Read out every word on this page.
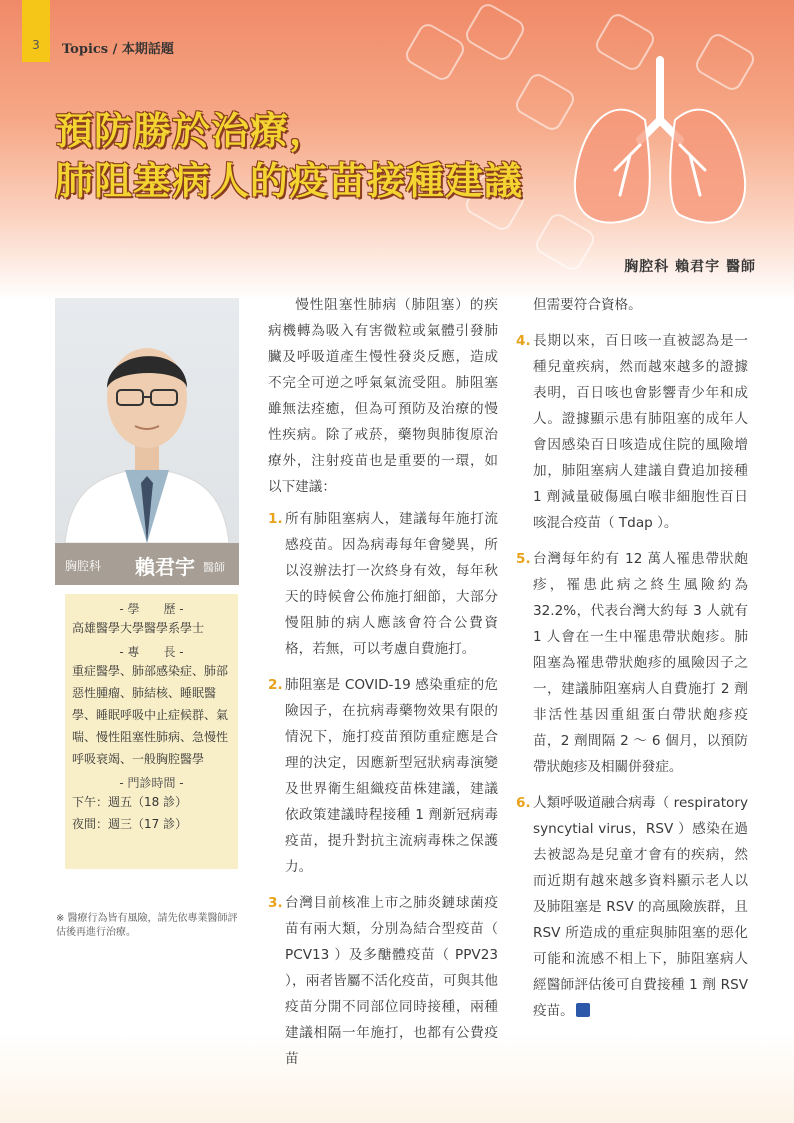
3	Topics / 本期話題
預防勝於治療，
肺阻塞病人的疫苗接種建議
胸腔科 賴君宇 醫師
胸腔科 賴君宇 醫師
- 學　　歷 -
高雄醫學大學醫學系學士
- 專　　長 -
重症醫學、肺部感染症、肺部惡性腫瘤、肺結核、睡眠醫學、睡眠呼吸中止症候群、氣喘、慢性阻塞性肺病、急慢性呼吸衰竭、一般胸腔醫學
- 門診時間 -
下午：週五（18 診）
夜間：週三（17 診）
※ 醫療行為皆有風險，請先依專業醫師評估後再進行治療。

慢性阻塞性肺病（肺阻塞）的疾病機轉為吸入有害微粒或氣體引發肺臟及呼吸道產生慢性發炎反應，造成不完全可逆之呼氣氣流受阻。肺阻塞雖無法痊癒，但為可預防及治療的慢性疾病。除了戒菸，藥物與肺復原治療外，注射疫苗也是重要的一環，如以下建議：

1. 所有肺阻塞病人，建議每年施打流感疫苗。因為病毒每年會變異，所以沒辦法打一次終身有效，每年秋天的時候會公佈施打細節，大部分慢阻肺的病人應該會符合公費資格，若無，可以考慮自費施打。

2. 肺阻塞是 COVID-19 感染重症的危險因子，在抗病毒藥物效果有限的情況下，施打疫苗預防重症應是合理的決定，因應新型冠狀病毒演變及世界衛生組織疫苗株建議，建議依政策建議時程接種 1 劑新冠病毒疫苗，提升對抗主流病毒株之保護力。

3. 台灣目前核准上市之肺炎鏈球菌疫苗有兩大類，分別為結合型疫苗（ PCV13 ）及多醣體疫苗（ PPV23 ），兩者皆屬不活化疫苗，可與其他疫苗分開不同部位同時接種，兩種建議相隔一年施打，也都有公費疫苗

但需要符合資格。

4. 長期以來，百日咳一直被認為是一種兒童疾病，然而越來越多的證據表明，百日咳也會影響青少年和成人。證據顯示患有肺阻塞的成年人會因感染百日咳造成住院的風險增加，肺阻塞病人建議自費追加接種 1 劑減量破傷風白喉非細胞性百日咳混合疫苗（ Tdap ）。

5. 台灣每年約有 12 萬人罹患帶狀皰疹，罹患此病之終生風險約為 32.2%，代表台灣大約每 3 人就有 1 人會在一生中罹患帶狀皰疹。肺阻塞為罹患帶狀皰疹的風險因子之一，建議肺阻塞病人自費施打 2 劑非活性基因重組蛋白帶狀皰疹疫苗，2 劑間隔 2 ～ 6 個月，以預防帶狀皰疹及相關併發症。

6. 人類呼吸道融合病毒（ respiratory syncytial virus，RSV ）感染在過去被認為是兒童才會有的疾病，然而近期有越來越多資料顯示老人以及肺阻塞是 RSV 的高風險族群，且 RSV 所造成的重症與肺阻塞的惡化可能和流感不相上下，肺阻塞病人經醫師評估後可自費接種 1 劑 RSV 疫苗。
